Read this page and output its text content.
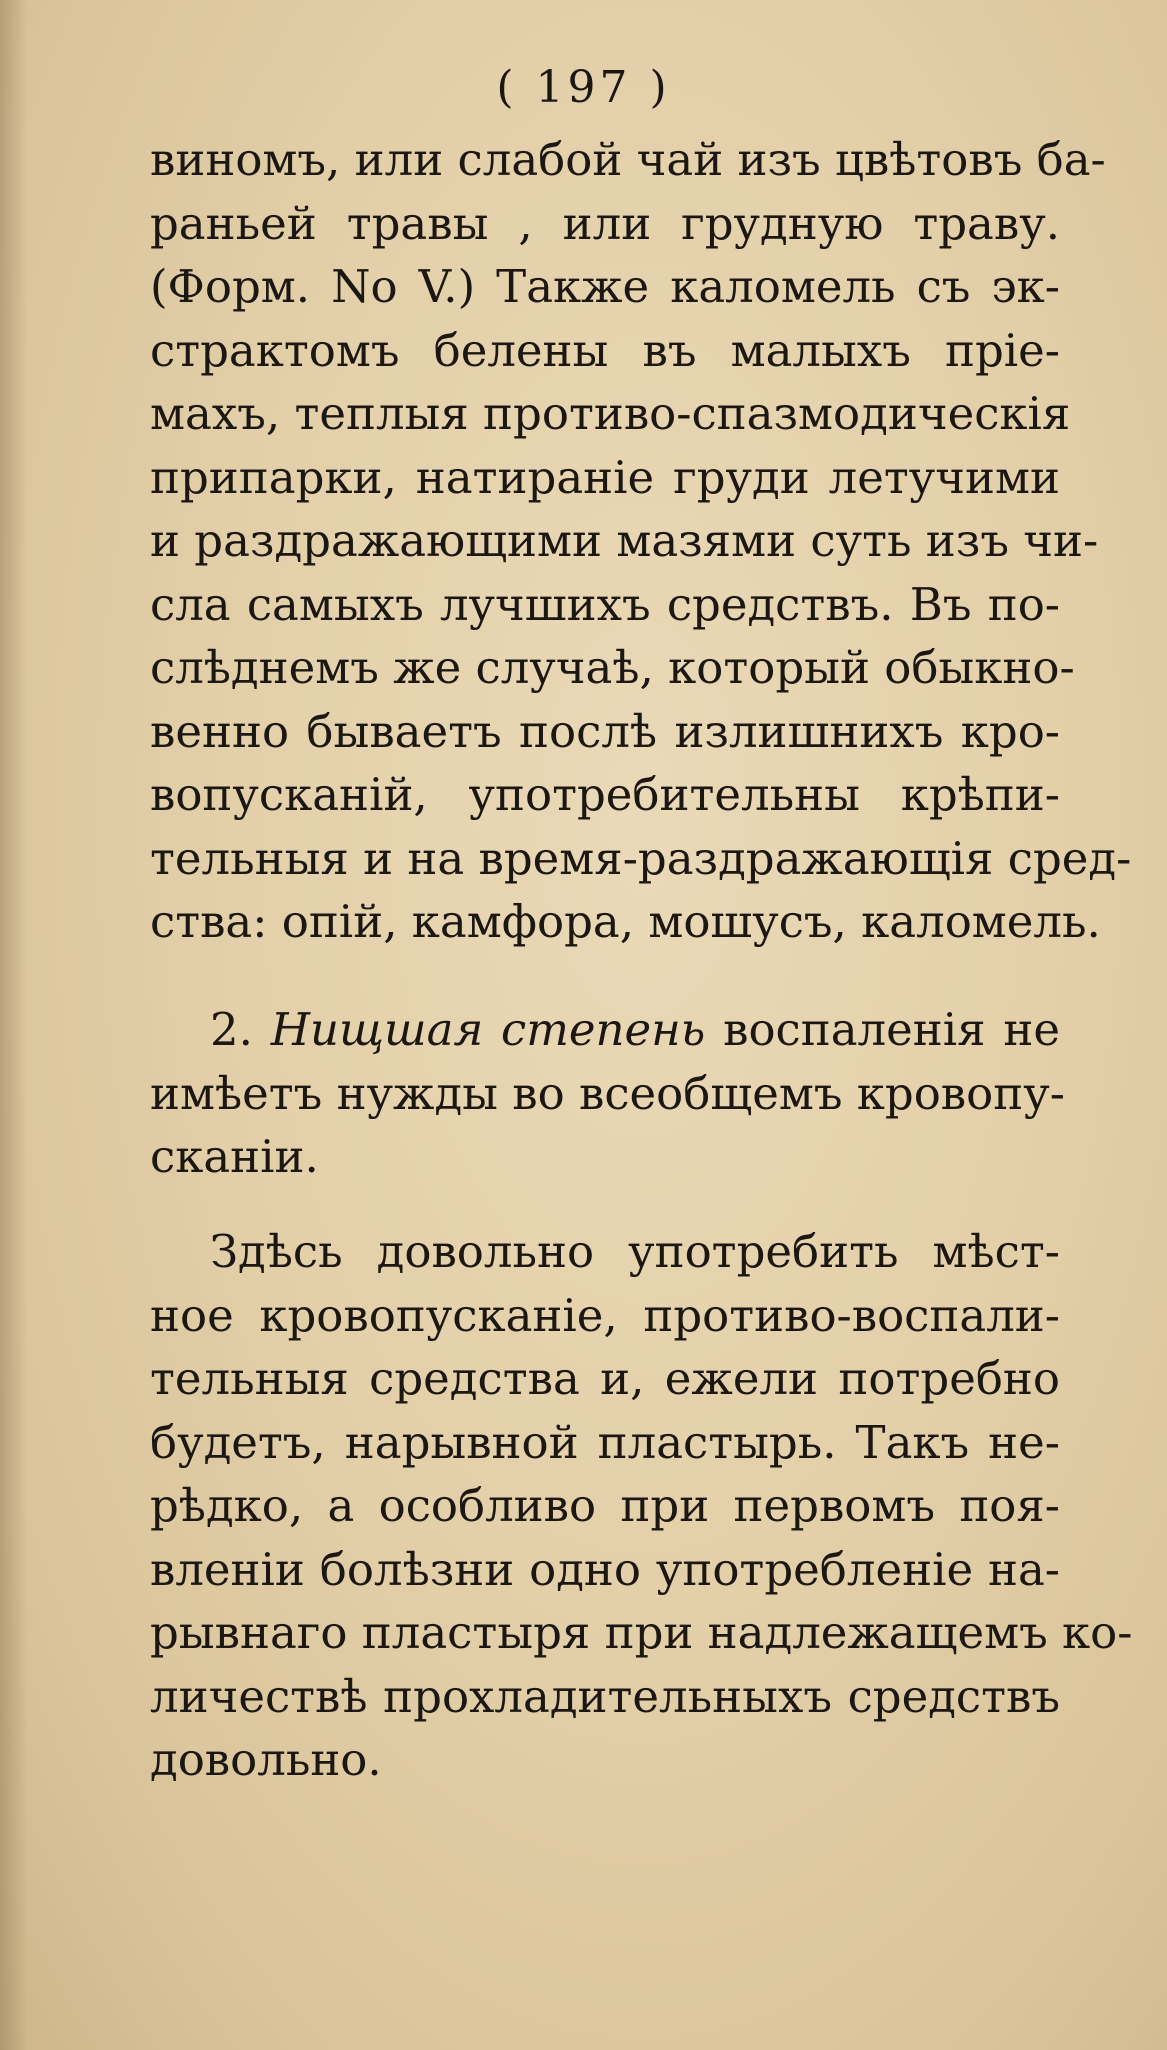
( 197 )
виномъ, или слабой чай изъ цвѣтовъ ба-
раньей травы , или грудную траву.
(Форм. No V.) Также каломель съ эк-
страктомъ белены въ малыхъ прiе-
махъ, теплыя противо-спазмодическiя
припарки, натиранiе груди летучими
и раздражающими мазями суть изъ чи-
сла самыхъ лучшихъ средствъ. Въ по-
слѣднемъ же случаѣ, который обыкно-
венно бываетъ послѣ излишнихъ кро-
вопусканiй, употребительны крѣпи-
тельныя и на время-раздражающiя сред-
ства: опiй, камфора, мошусъ, каломель.
2. Нищшая степень воспаленiя не
имѣетъ нужды во всеобщемъ кровопу-
сканiи.
Здѣсь довольно употребить мѣст-
ное кровопусканiе, противо-воспали-
тельныя средства и, ежели потребно
будетъ, нарывной пластырь. Такъ не-
рѣдко, а особливо при первомъ поя-
вленiи болѣзни одно употребленiе на-
рывнаго пластыря при надлежащемъ ко-
личествѣ прохладительныхъ средствъ
довольно.
